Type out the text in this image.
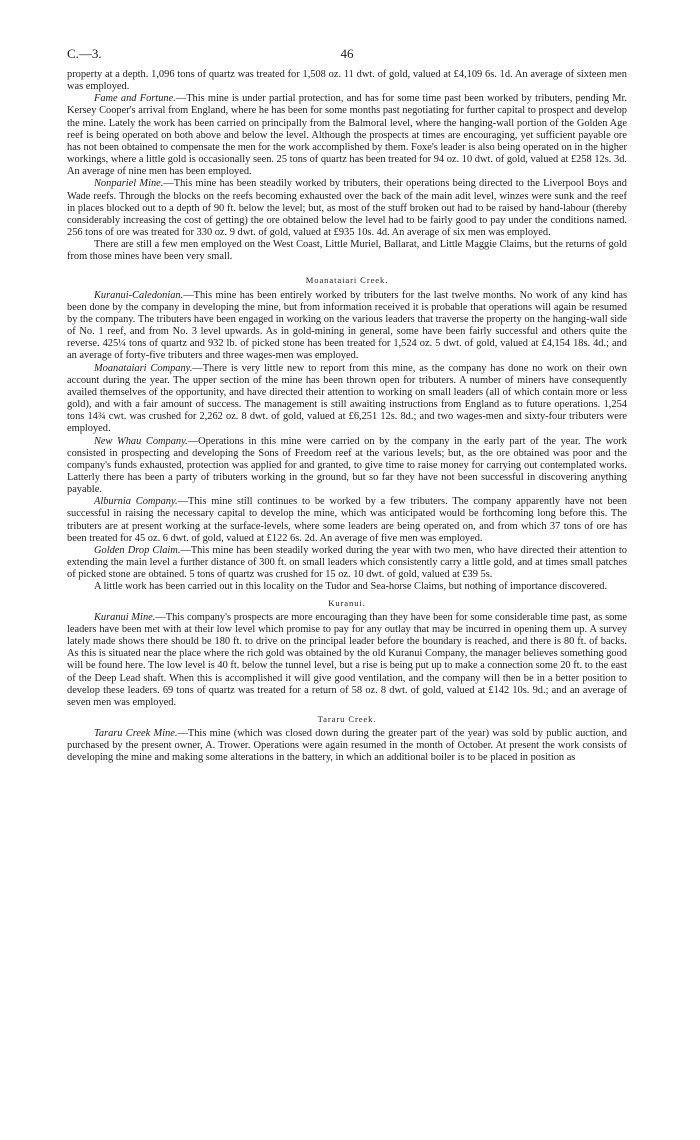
C.—3.	46

property at a depth. 1,096 tons of quartz was treated for 1,508 oz. 11 dwt. of gold, valued at £4,109 6s. 1d. An average of sixteen men was employed.

Fame and Fortune.—This mine is under partial protection, and has for some time past been worked by tributers, pending Mr. Kersey Cooper's arrival from England, where he has been for some months past negotiating for further capital to prospect and develop the mine. Lately the work has been carried on principally from the Balmoral level, where the hanging-wall portion of the Golden Age reef is being operated on both above and below the level. Although the prospects at times are encouraging, yet sufficient payable ore has not been obtained to compensate the men for the work accomplished by them. Foxe's leader is also being operated on in the higher workings, where a little gold is occasionally seen. 25 tons of quartz has been treated for 94 oz. 10 dwt. of gold, valued at £258 12s. 3d. An average of nine men has been employed.

Nonpariel Mine.—This mine has been steadily worked by tributers, their operations being directed to the Liverpool Boys and Wade reefs. Through the blocks on the reefs becoming exhausted over the back of the main adit level, winzes were sunk and the reef in places blocked out to a depth of 90 ft. below the level; but, as most of the stuff broken out had to be raised by hand-labour (thereby considerably increasing the cost of getting) the ore obtained below the level had to be fairly good to pay under the conditions named. 256 tons of ore was treated for 330 oz. 9 dwt. of gold, valued at £935 10s. 4d. An average of six men was employed.

There are still a few men employed on the West Coast, Little Muriel, Ballarat, and Little Maggie Claims, but the returns of gold from those mines have been very small.

Moanataiari Creek.

Kuranui-Caledonian.—This mine has been entirely worked by tributers for the last twelve months. No work of any kind has been done by the company in developing the mine, but from information received it is probable that operations will again be resumed by the company. The tributers have been engaged in working on the various leaders that traverse the property on the hanging-wall side of No. 1 reef, and from No. 3 level upwards. As in gold-mining in general, some have been fairly successful and others quite the reverse. 425¼ tons of quartz and 932 lb. of picked stone has been treated for 1,524 oz. 5 dwt. of gold, valued at £4,154 18s. 4d.; and an average of forty-five tributers and three wages-men was employed.

Moanataiari Company.—There is very little new to report from this mine, as the company has done no work on their own account during the year. The upper section of the mine has been thrown open for tributers. A number of miners have consequently availed themselves of the opportunity, and have directed their attention to working on small leaders (all of which contain more or less gold), and with a fair amount of success. The management is still awaiting instructions from England as to future operations. 1,254 tons 14¾ cwt. was crushed for 2,262 oz. 8 dwt. of gold, valued at £6,251 12s. 8d.; and two wages-men and sixty-four tributers were employed.

New Whau Company.—Operations in this mine were carried on by the company in the early part of the year. The work consisted in prospecting and developing the Sons of Freedom reef at the various levels; but, as the ore obtained was poor and the company's funds exhausted, protection was applied for and granted, to give time to raise money for carrying out contemplated works. Latterly there has been a party of tributers working in the ground, but so far they have not been successful in discovering anything payable.

Alburnia Company.—This mine still continues to be worked by a few tributers. The company apparently have not been successful in raising the necessary capital to develop the mine, which was anticipated would be forthcoming long before this. The tributers are at present working at the surface-levels, where some leaders are being operated on, and from which 37 tons of ore has been treated for 45 oz. 6 dwt. of gold, valued at £122 6s. 2d. An average of five men was employed.

Golden Drop Claim.—This mine has been steadily worked during the year with two men, who have directed their attention to extending the main level a further distance of 300 ft. on small leaders which consistently carry a little gold, and at times small patches of picked stone are obtained. 5 tons of quartz was crushed for 15 oz. 10 dwt. of gold, valued at £39 5s.

A little work has been carried out in this locality on the Tudor and Sea-horse Claims, but nothing of importance discovered.

Kuranui.

Kuranui Mine.—This company's prospects are more encouraging than they have been for some considerable time past, as some leaders have been met with at their low level which promise to pay for any outlay that may be incurred in opening them up. A survey lately made shows there should be 180 ft. to drive on the principal leader before the boundary is reached, and there is 80 ft. of backs. As this is situated near the place where the rich gold was obtained by the old Kuranui Company, the manager believes something good will be found here. The low level is 40 ft. below the tunnel level, but a rise is being put up to make a connection some 20 ft. to the east of the Deep Lead shaft. When this is accomplished it will give good ventilation, and the company will then be in a better position to develop these leaders. 69 tons of quartz was treated for a return of 58 oz. 8 dwt. of gold, valued at £142 10s. 9d.; and an average of seven men was employed.

Tararu Creek.

Tararu Creek Mine.—This mine (which was closed down during the greater part of the year) was sold by public auction, and purchased by the present owner, A. Trower. Operations were again resumed in the month of October. At present the work consists of developing the mine and making some alterations in the battery, in which an additional boiler is to be placed in position as
